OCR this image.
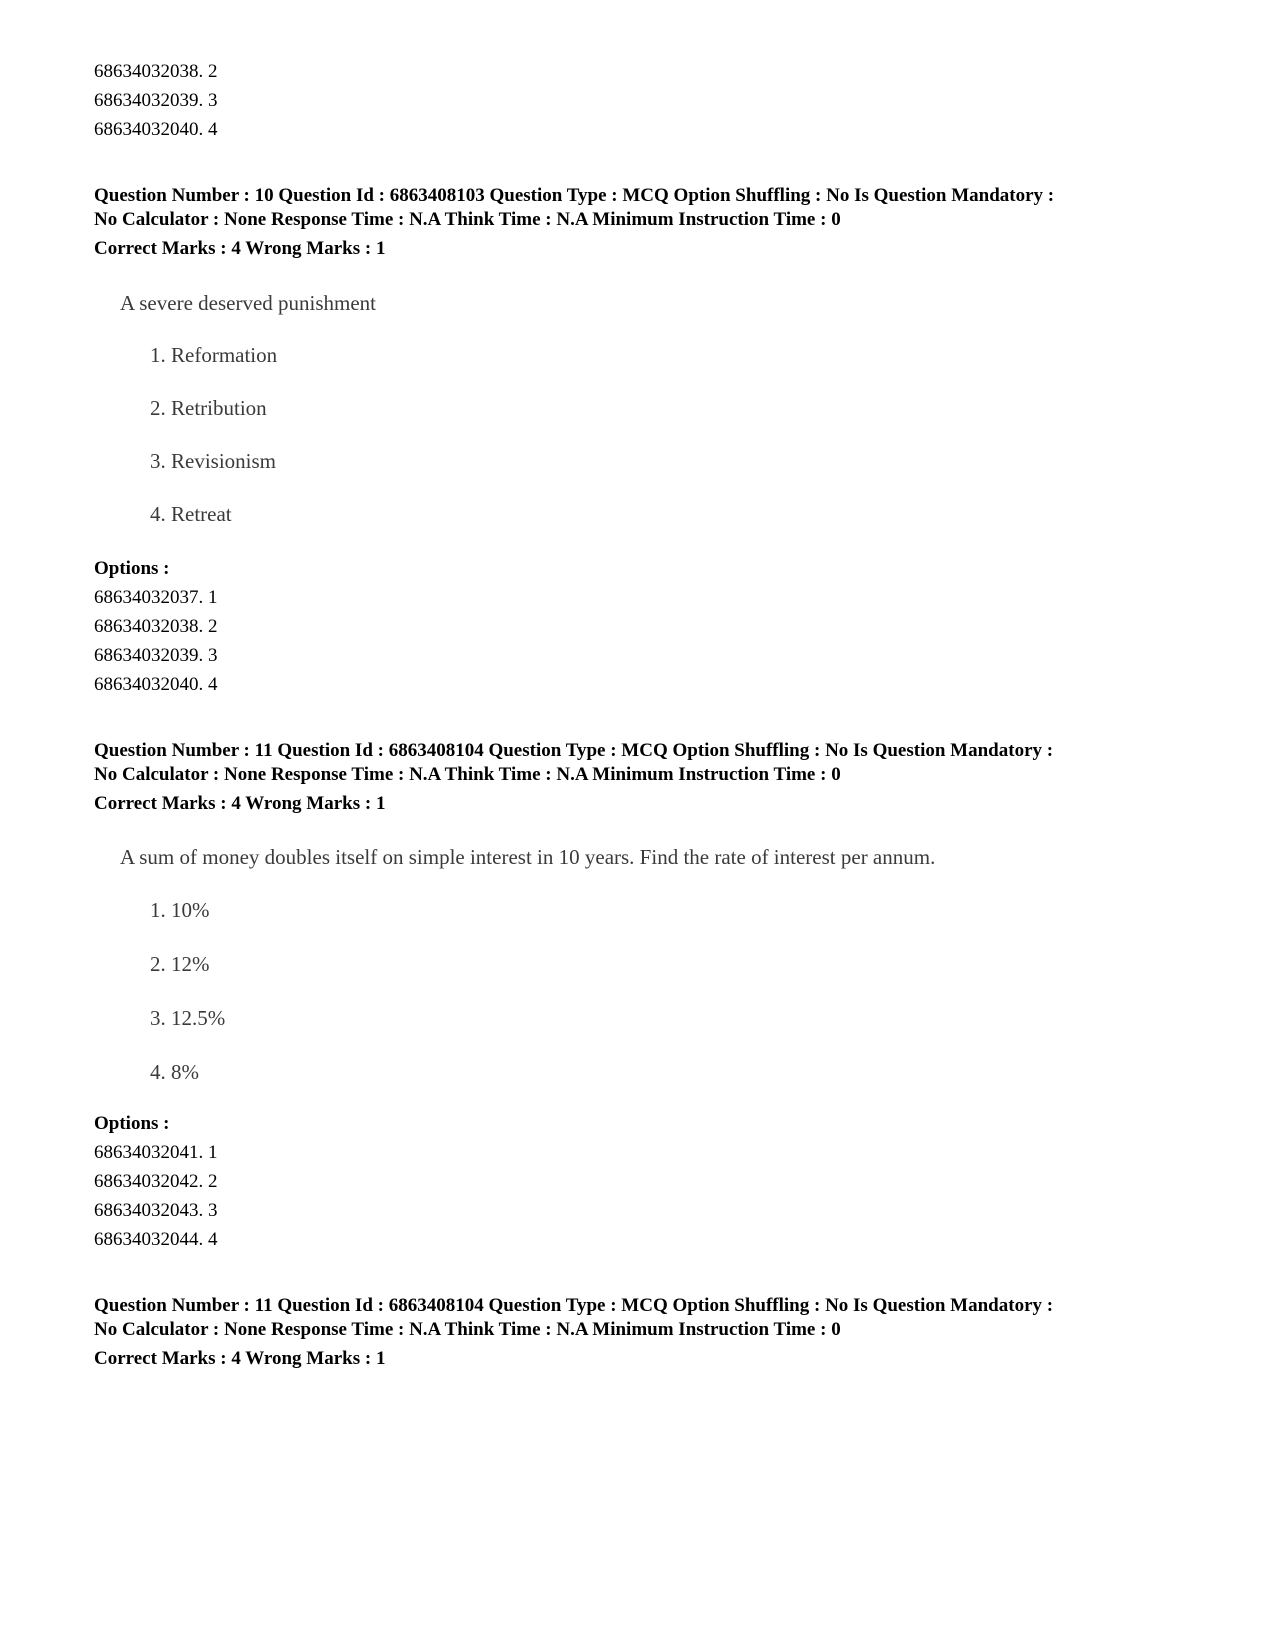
68634032038. 2
68634032039. 3
68634032040. 4
Question Number : 10 Question Id : 6863408103 Question Type : MCQ Option Shuffling : No Is Question Mandatory :
No Calculator : None Response Time : N.A Think Time : N.A Minimum Instruction Time : 0
Correct Marks : 4 Wrong Marks : 1
A severe deserved punishment
1. Reformation
2. Retribution
3. Revisionism
4. Retreat
Options :
68634032037. 1
68634032038. 2
68634032039. 3
68634032040. 4
Question Number : 11 Question Id : 6863408104 Question Type : MCQ Option Shuffling : No Is Question Mandatory :
No Calculator : None Response Time : N.A Think Time : N.A Minimum Instruction Time : 0
Correct Marks : 4 Wrong Marks : 1
A sum of money doubles itself on simple interest in 10 years. Find the rate of interest per annum.
1. 10%
2. 12%
3. 12.5%
4. 8%
Options :
68634032041. 1
68634032042. 2
68634032043. 3
68634032044. 4
Question Number : 11 Question Id : 6863408104 Question Type : MCQ Option Shuffling : No Is Question Mandatory :
No Calculator : None Response Time : N.A Think Time : N.A Minimum Instruction Time : 0
Correct Marks : 4 Wrong Marks : 1
